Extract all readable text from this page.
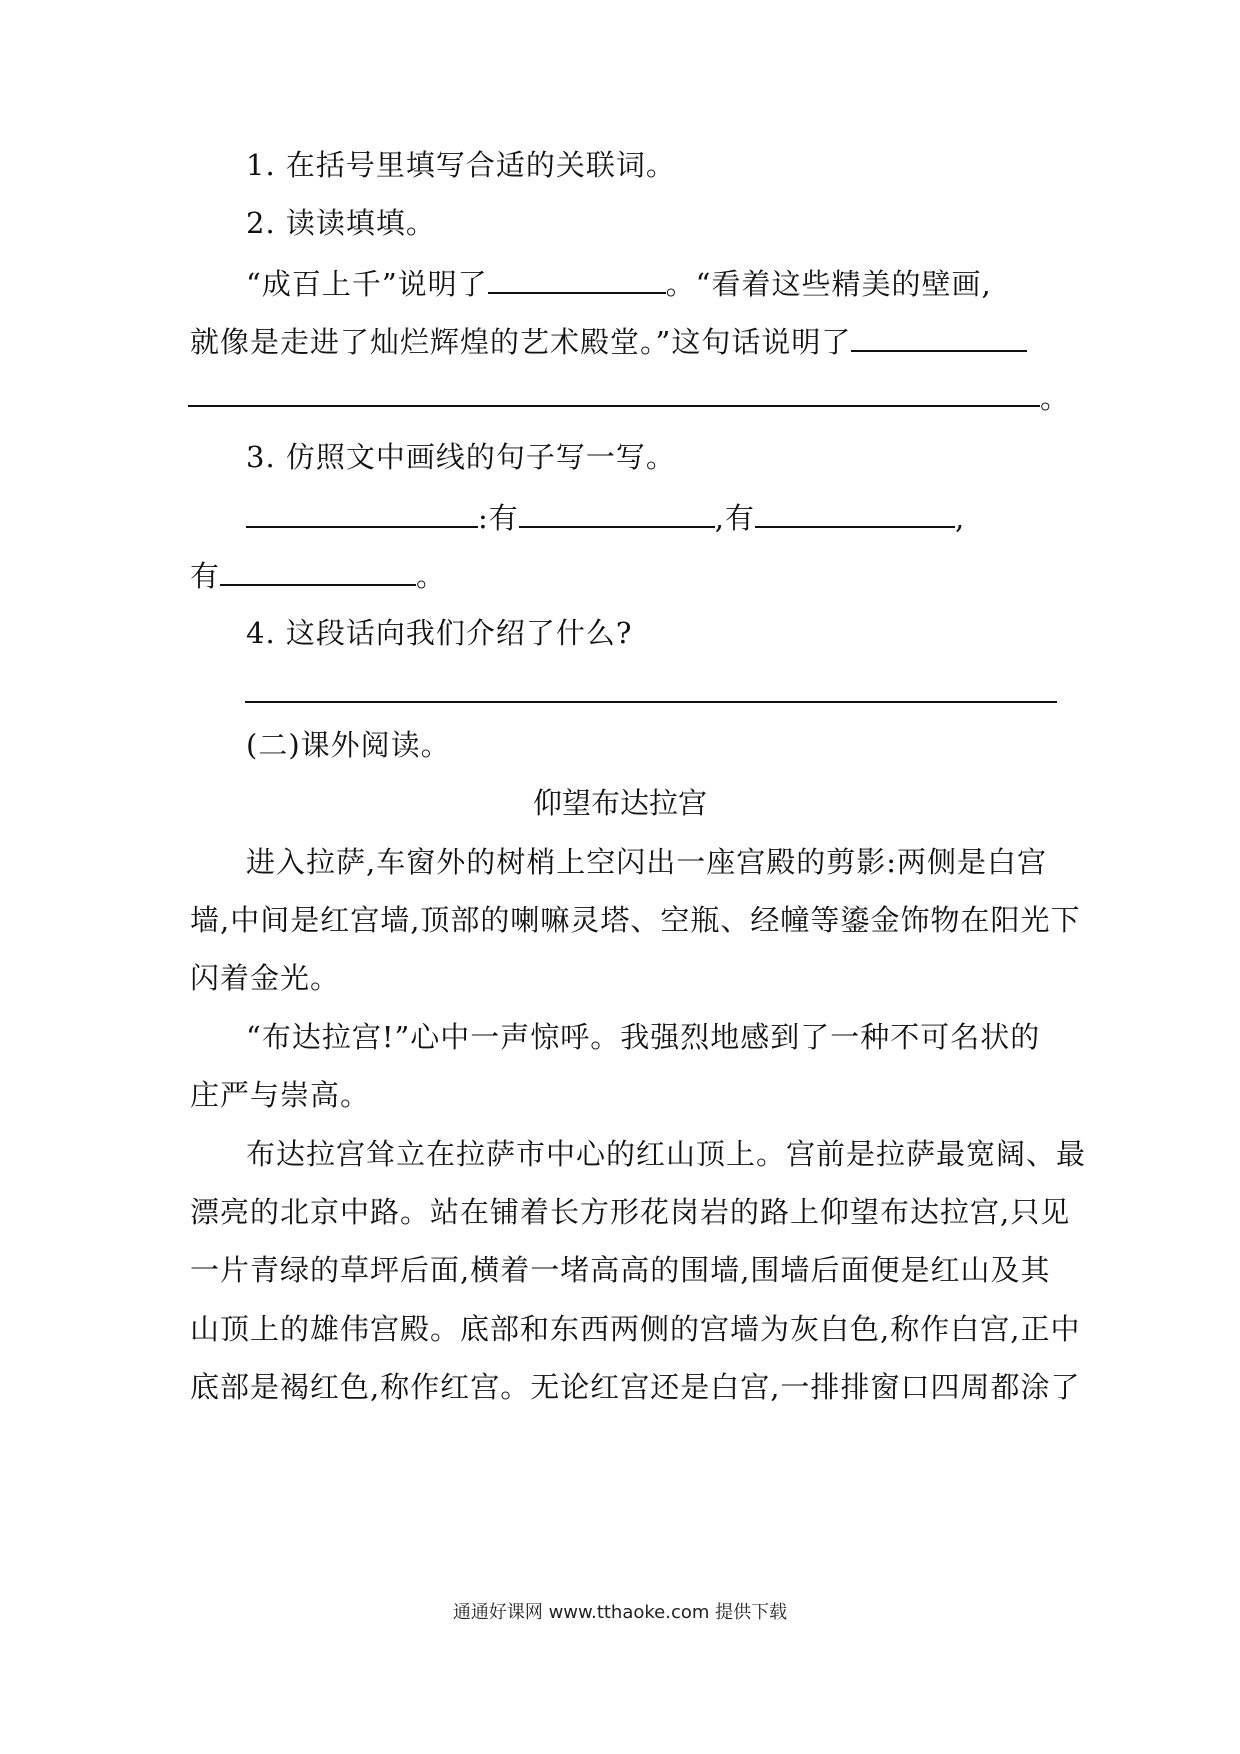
1. 在括号里填写合适的关联词。
2. 读读填填。
“成百上千”说明了	。“看着这些精美的壁画,
就像是走进了灿烂辉煌的艺术殿堂。”这句话说明了
。
3. 仿照文中画线的句子写一写。
:有	,有	,
有	。
4. 这段话向我们介绍了什么?
(二)课外阅读。
仰望布达拉宫
进入拉萨,车窗外的树梢上空闪出一座宫殿的剪影:两侧是白宫
墙,中间是红宫墙,顶部的喇嘛灵塔、空瓶、经幢等鎏金饰物在阳光下
闪着金光。
“布达拉宫!”心中一声惊呼。我强烈地感到了一种不可名状的
庄严与崇高。
布达拉宫耸立在拉萨市中心的红山顶上。宫前是拉萨最宽阔、最
漂亮的北京中路。站在铺着长方形花岗岩的路上仰望布达拉宫,只见
一片青绿的草坪后面,横着一堵高高的围墙,围墙后面便是红山及其
山顶上的雄伟宫殿。底部和东西两侧的宫墙为灰白色,称作白宫,正中
底部是褐红色,称作红宫。无论红宫还是白宫,一排排窗口四周都涂了
通通好课网 www.tthaoke.com 提供下载
